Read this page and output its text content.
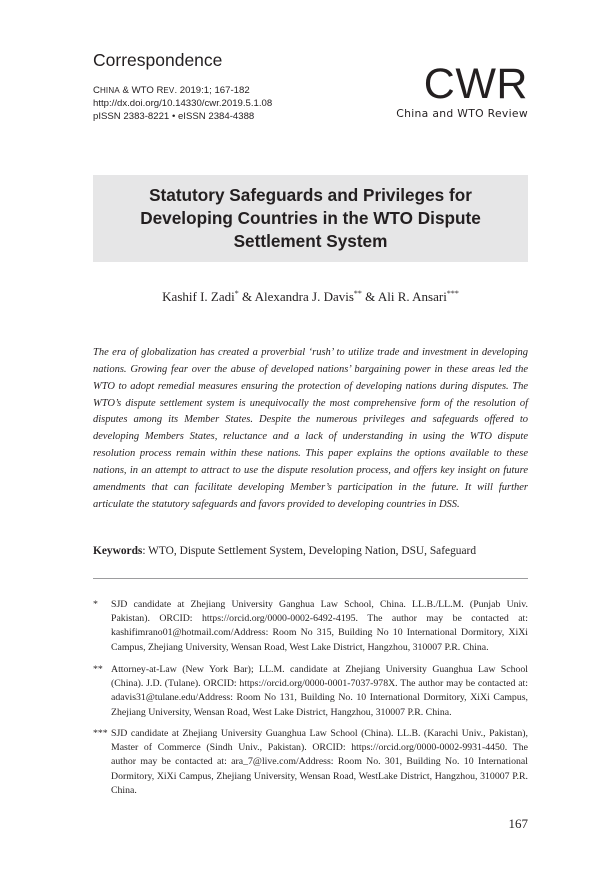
Correspondence
CHINA & WTO REV. 2019:1; 167-182
http://dx.doi.org/10.14330/cwr.2019.5.1.08
pISSN 2383-8221 • eISSN 2384-4388
CWR
China and WTO Review
Statutory Safeguards and Privileges for Developing Countries in the WTO Dispute Settlement System
Kashif I. Zadi* & Alexandra J. Davis** & Ali R. Ansari***

The era of globalization has created a proverbial ‘rush’ to utilize trade and investment in developing nations. Growing fear over the abuse of developed nations’ bargaining power in these areas led the WTO to adopt remedial measures ensuring the protection of developing nations during disputes. The WTO’s dispute settlement system is unequivocally the most comprehensive form of the resolution of disputes among its Member States. Despite the numerous privileges and safeguards offered to developing Members States, reluctance and a lack of understanding in using the WTO dispute resolution process remain within these nations. This paper explains the options available to these nations, in an attempt to attract to use the dispute resolution process, and offers key insight on future amendments that can facilitate developing Member’s participation in the future. It will further articulate the statutory safeguards and favors provided to developing countries in DSS.

Keywords: WTO, Dispute Settlement System, Developing Nation, DSU, Safeguard
*	SJD candidate at Zhejiang University Ganghua Law School, China. LL.B./LL.M. (Punjab Univ. Pakistan). ORCID: https://orcid.org/0000-0002-6492-4195. The author may be contacted at: kashifimrano01@hotmail.com/Address: Room No 315, Building No 10 International Dormitory, XiXi Campus, Zhejiang University, Wensan Road, West Lake District, Hangzhou, 310007 P.R. China.
** Attorney-at-Law (New York Bar); LL.M. candidate at Zhejiang University Guanghua Law School (China). J.D. (Tulane). ORCID: https://orcid.org/0000-0001-7037-978X. The author may be contacted at: adavis31@tulane.edu/Address: Room No 131, Building No. 10 International Dormitory, XiXi Campus, Zhejiang University, Wensan Road, West Lake District, Hangzhou, 310007 P.R. China.
*** SJD candidate at Zhejiang University Guanghua Law School (China). LL.B. (Karachi Univ., Pakistan), Master of Commerce (Sindh Univ., Pakistan). ORCID: https://orcid.org/0000-0002-9931-4450. The author may be contacted at: ara_7@live.com/Address: Room No. 301, Building No. 10 International Dormitory, XiXi Campus, Zhejiang University, Wensan Road, WestLake District, Hangzhou, 310007 P.R. China.
167
